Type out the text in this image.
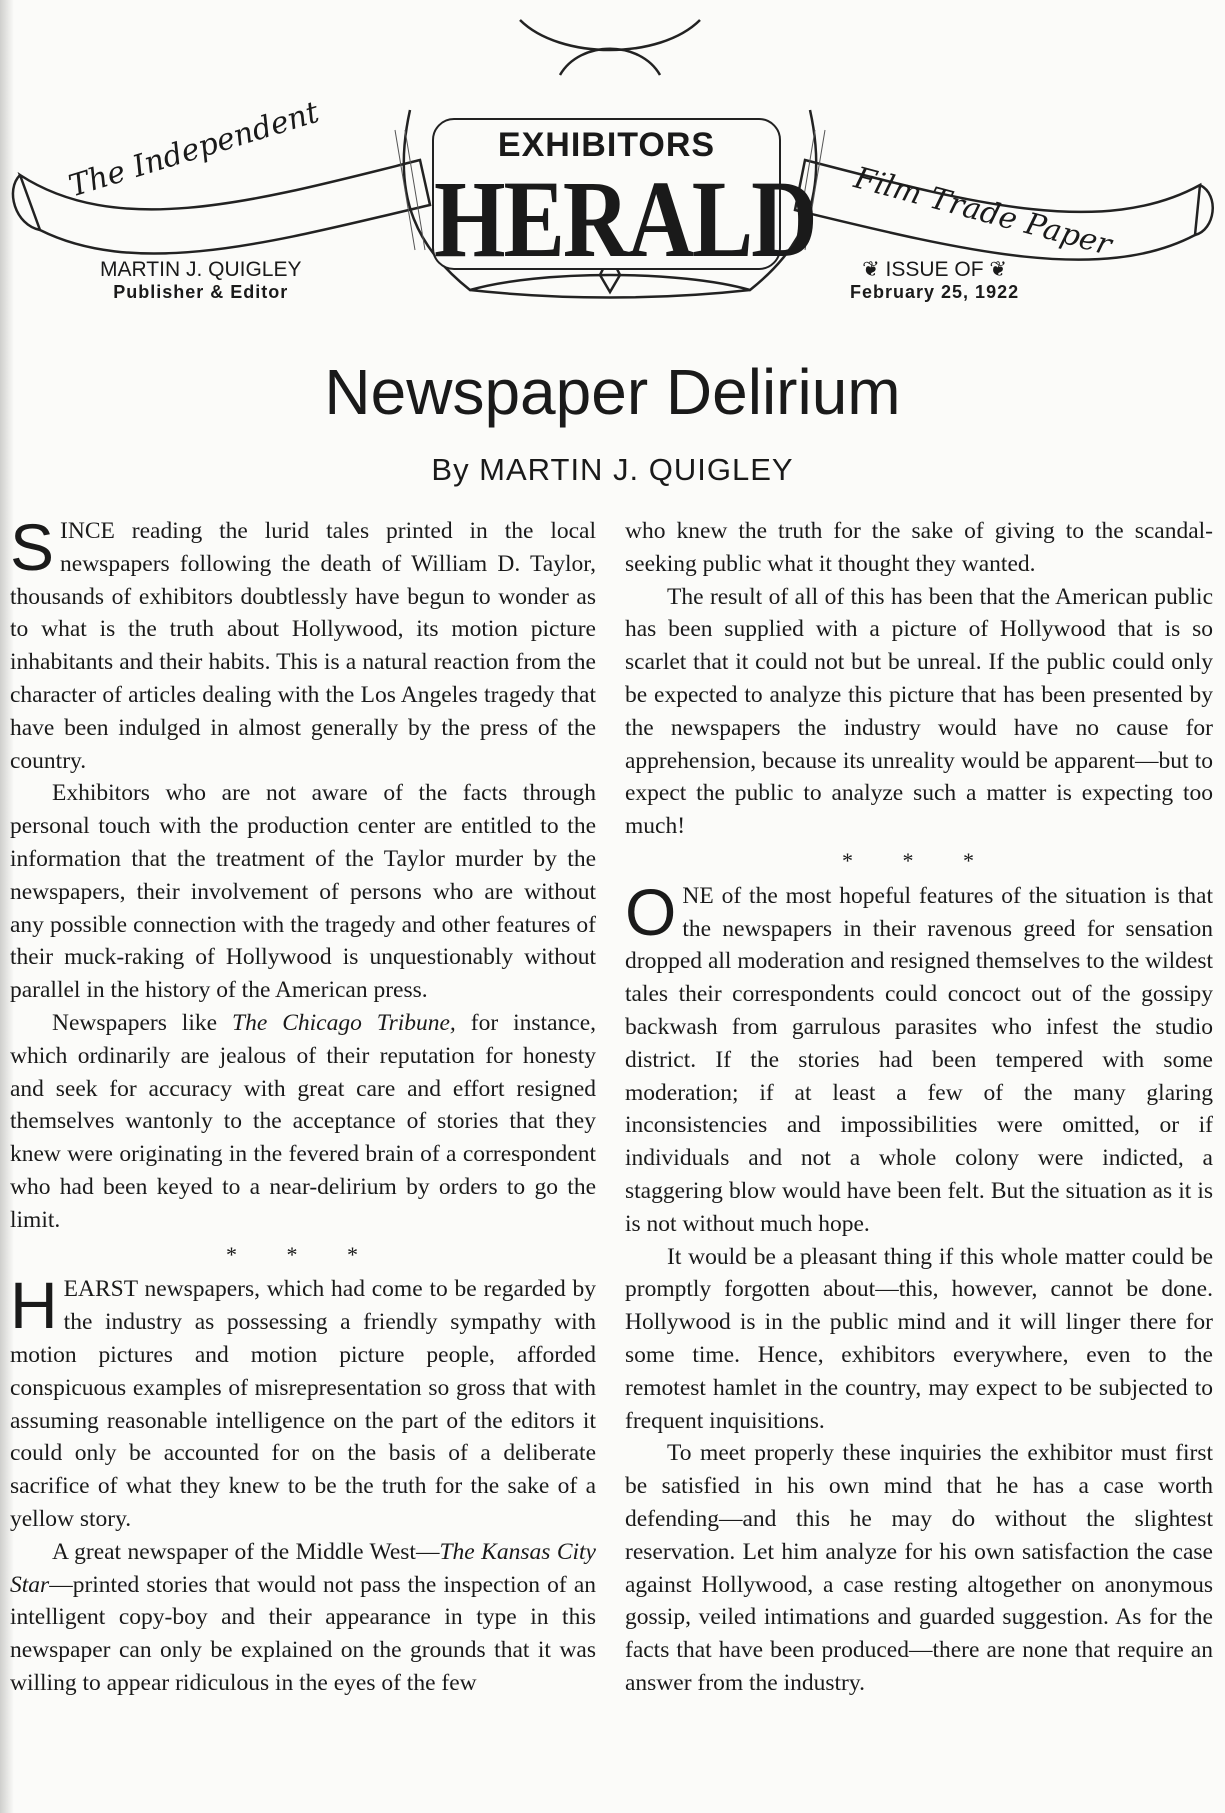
The Independent
Film Trade Paper
EXHIBITORS
HERALD
MARTIN J. QUIGLEY
Publisher & Editor
❦ ISSUE OF ❦
February 25, 1922
Newspaper Delirium
By MARTIN J. QUIGLEY

SINCE reading the lurid tales printed in the local newspapers following the death of William D. Taylor, thousands of exhibitors doubtlessly have begun to wonder as to what is the truth about Hollywood, its motion picture inhabitants and their habits. This is a natural reaction from the character of articles dealing with the Los Angeles tragedy that have been indulged in almost generally by the press of the country.

Exhibitors who are not aware of the facts through personal touch with the production center are entitled to the information that the treatment of the Taylor murder by the newspapers, their involvement of persons who are without any possible connection with the tragedy and other features of their muck-raking of Hollywood is unquestionably without parallel in the history of the American press.

Newspapers like The Chicago Tribune, for instance, which ordinarily are jealous of their reputation for honesty and seek for accuracy with great care and effort resigned themselves wantonly to the acceptance of stories that they knew were originating in the fevered brain of a correspondent who had been keyed to a near-delirium by orders to go the limit.

* * *

HEARST newspapers, which had come to be regarded by the industry as possessing a friendly sympathy with motion pictures and motion picture people, afforded conspicuous examples of misrepresentation so gross that with assuming reasonable intelligence on the part of the editors it could only be accounted for on the basis of a deliberate sacrifice of what they knew to be the truth for the sake of a yellow story.

A great newspaper of the Middle West—The Kansas City Star—printed stories that would not pass the inspection of an intelligent copy-boy and their appearance in type in this newspaper can only be explained on the grounds that it was willing to appear ridiculous in the eyes of the few

who knew the truth for the sake of giving to the scandal-seeking public what it thought they wanted.

The result of all of this has been that the American public has been supplied with a picture of Hollywood that is so scarlet that it could not but be unreal. If the public could only be expected to analyze this picture that has been presented by the newspapers the industry would have no cause for apprehension, because its unreality would be apparent—but to expect the public to analyze such a matter is expecting too much!

* * *

ONE of the most hopeful features of the situation is that the newspapers in their ravenous greed for sensation dropped all moderation and resigned themselves to the wildest tales their correspondents could concoct out of the gossipy backwash from garrulous parasites who infest the studio district. If the stories had been tempered with some moderation; if at least a few of the many glaring inconsistencies and impossibilities were omitted, or if individuals and not a whole colony were indicted, a staggering blow would have been felt. But the situation as it is is not without much hope.

It would be a pleasant thing if this whole matter could be promptly forgotten about—this, however, cannot be done. Hollywood is in the public mind and it will linger there for some time. Hence, exhibitors everywhere, even to the remotest hamlet in the country, may expect to be subjected to frequent inquisitions.

To meet properly these inquiries the exhibitor must first be satisfied in his own mind that he has a case worth defending—and this he may do without the slightest reservation. Let him analyze for his own satisfaction the case against Hollywood, a case resting altogether on anonymous gossip, veiled intimations and guarded suggestion. As for the facts that have been produced—there are none that require an answer from the industry.
